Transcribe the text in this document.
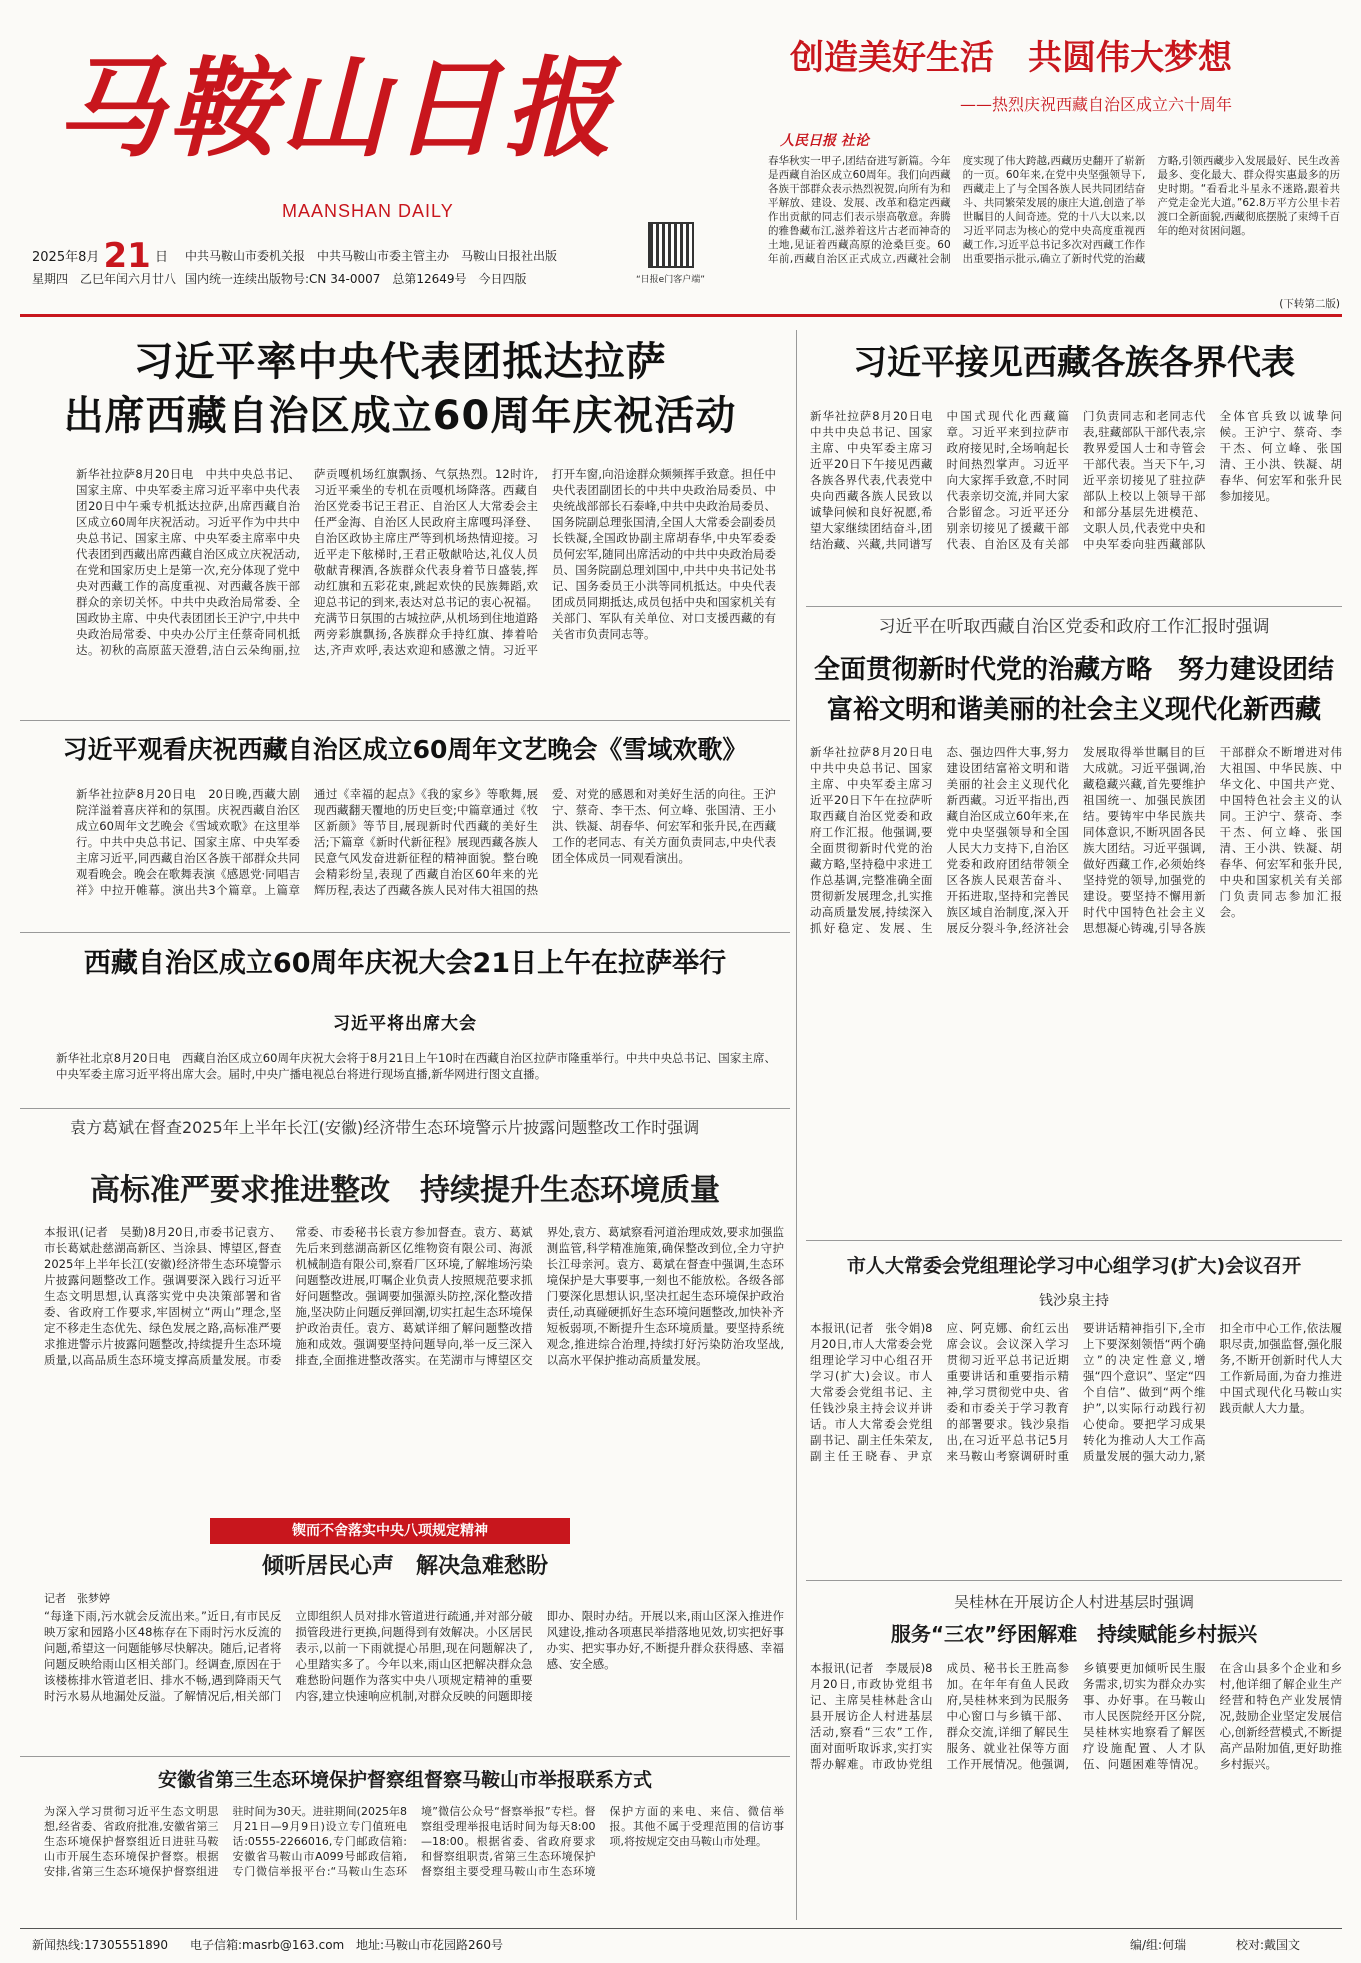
马鞍山日报
MAANSHAN DAILY
2025年8月 21 日
星期四　乙巳年闰六月廿八
中共马鞍山市委机关报　中共马鞍山市委主管主办　马鞍山日报社出版
国内统一连续出版物号:CN 34-0007　总第12649号　今日四版	“日报e门客户端”
创造美好生活　共圆伟大梦想
——热烈庆祝西藏自治区成立六十周年
人民日报 社论
春华秋实一甲子,团结奋进写新篇。今年是西藏自治区成立60周年。我们向西藏各族干部群众表示热烈祝贺,向所有为和平解放、建设、发展、改革和稳定西藏作出贡献的同志们表示崇高敬意。奔腾的雅鲁藏布江,滋养着这片古老而神奇的土地,见证着西藏高原的沧桑巨变。60年前,西藏自治区正式成立,西藏社会制度实现了伟大跨越,西藏历史翻开了崭新的一页。60年来,在党中央坚强领导下,西藏走上了与全国各族人民共同团结奋斗、共同繁荣发展的康庄大道,创造了举世瞩目的人间奇迹。党的十八大以来,以习近平同志为核心的党中央高度重视西藏工作,习近平总书记多次对西藏工作作出重要指示批示,确立了新时代党的治藏方略,引领西藏步入发展最好、民生改善最多、变化最大、群众得实惠最多的历史时期。“看看北斗星永不迷路,跟着共产党走金光大道。”62.8万平方公里卡若渡口全新面貌,西藏彻底摆脱了束缚千百年的绝对贫困问题。
(下转第二版)
习近平率中央代表团抵达拉萨
出席西藏自治区成立60周年庆祝活动
新华社拉萨8月20日电　中共中央总书记、国家主席、中央军委主席习近平率中央代表团20日中午乘专机抵达拉萨,出席西藏自治区成立60周年庆祝活动。习近平作为中共中央总书记、国家主席、中央军委主席率中央代表团到西藏出席西藏自治区成立庆祝活动,在党和国家历史上是第一次,充分体现了党中央对西藏工作的高度重视、对西藏各族干部群众的亲切关怀。中共中央政治局常委、全国政协主席、中央代表团团长王沪宁,中共中央政治局常委、中央办公厅主任蔡奇同机抵达。初秋的高原蓝天澄碧,洁白云朵绚丽,拉萨贡嘎机场红旗飘扬、气氛热烈。12时许,习近平乘坐的专机在贡嘎机场降落。西藏自治区党委书记王君正、自治区人大常委会主任严金海、自治区人民政府主席嘎玛泽登、自治区政协主席庄严等到机场热情迎接。习近平走下舷梯时,王君正敬献哈达,礼仪人员敬献青稞酒,各族群众代表身着节日盛装,挥动红旗和五彩花束,跳起欢快的民族舞蹈,欢迎总书记的到来,表达对总书记的衷心祝福。充满节日氛围的古城拉萨,从机场到住地道路两旁彩旗飘扬,各族群众手持红旗、捧着哈达,齐声欢呼,表达欢迎和感激之情。习近平打开车窗,向沿途群众频频挥手致意。担任中央代表团副团长的中共中央政治局委员、中央统战部部长石泰峰,中共中央政治局委员、国务院副总理张国清,全国人大常委会副委员长铁凝,全国政协副主席胡春华,中央军委委员何宏军,随同出席活动的中共中央政治局委员、国务院副总理刘国中,中共中央书记处书记、国务委员王小洪等同机抵达。中央代表团成员同期抵达,成员包括中央和国家机关有关部门、军队有关单位、对口支援西藏的有关省市负责同志等。
习近平观看庆祝西藏自治区成立60周年文艺晚会《雪域欢歌》
新华社拉萨8月20日电　20日晚,西藏大剧院洋溢着喜庆祥和的氛围。庆祝西藏自治区成立60周年文艺晚会《雪域欢歌》在这里举行。中共中央总书记、国家主席、中央军委主席习近平,同西藏自治区各族干部群众共同观看晚会。晚会在歌舞表演《感恩党·同唱吉祥》中拉开帷幕。演出共3个篇章。上篇章通过《幸福的起点》《我的家乡》等歌舞,展现西藏翻天覆地的历史巨变;中篇章通过《牧区新颜》等节目,展现新时代西藏的美好生活;下篇章《新时代新征程》展现西藏各族人民意气风发奋进新征程的精神面貌。整台晚会精彩纷呈,表现了西藏自治区60年来的光辉历程,表达了西藏各族人民对伟大祖国的热爱、对党的感恩和对美好生活的向往。王沪宁、蔡奇、李干杰、何立峰、张国清、王小洪、铁凝、胡春华、何宏军和张升民,在西藏工作的老同志、有关方面负责同志,中央代表团全体成员一同观看演出。
西藏自治区成立60周年庆祝大会21日上午在拉萨举行
习近平将出席大会
新华社北京8月20日电　西藏自治区成立60周年庆祝大会将于8月21日上午10时在西藏自治区拉萨市隆重举行。中共中央总书记、国家主席、中央军委主席习近平将出席大会。届时,中央广播电视总台将进行现场直播,新华网进行图文直播。
袁方葛斌在督查2025年上半年长江(安徽)经济带生态环境警示片披露问题整改工作时强调
高标准严要求推进整改　持续提升生态环境质量
本报讯(记者　吴勤)8月20日,市委书记袁方、市长葛斌赴慈湖高新区、当涂县、博望区,督查2025年上半年长江(安徽)经济带生态环境警示片披露问题整改工作。强调要深入践行习近平生态文明思想,认真落实党中央决策部署和省委、省政府工作要求,牢固树立“两山”理念,坚定不移走生态优先、绿色发展之路,高标准严要求推进警示片披露问题整改,持续提升生态环境质量,以高品质生态环境支撑高质量发展。市委常委、市委秘书长袁方参加督查。袁方、葛斌先后来到慈湖高新区亿维物资有限公司、海派机械制造有限公司,察看厂区环境,了解堆场污染问题整改进展,叮嘱企业负责人按照规范要求抓好问题整改。强调要加强源头防控,深化整改措施,坚决防止问题反弹回潮,切实扛起生态环境保护政治责任。袁方、葛斌详细了解问题整改措施和成效。强调要坚持问题导向,举一反三深入排查,全面推进整改落实。在芜湖市与博望区交界处,袁方、葛斌察看河道治理成效,要求加强监测监管,科学精准施策,确保整改到位,全力守护长江母亲河。袁方、葛斌在督查中强调,生态环境保护是大事要事,一刻也不能放松。各级各部门要深化思想认识,坚决扛起生态环境保护政治责任,动真碰硬抓好生态环境问题整改,加快补齐短板弱项,不断提升生态环境质量。要坚持系统观念,推进综合治理,持续打好污染防治攻坚战,以高水平保护推动高质量发展。
锲而不舍落实中央八项规定精神
倾听居民心声　解决急难愁盼
记者　张梦婷
“每逢下雨,污水就会反流出来。”近日,有市民反映万家和园路小区48栋存在下雨时污水反流的问题,希望这一问题能够尽快解决。随后,记者将问题反映给雨山区相关部门。经调查,原因在于该楼栋排水管道老旧、排水不畅,遇到降雨天气时污水易从地漏处反溢。了解情况后,相关部门立即组织人员对排水管道进行疏通,并对部分破损管段进行更换,问题得到有效解决。小区居民表示,以前一下雨就提心吊胆,现在问题解决了,心里踏实多了。今年以来,雨山区把解决群众急难愁盼问题作为落实中央八项规定精神的重要内容,建立快速响应机制,对群众反映的问题即接即办、限时办结。开展以来,雨山区深入推进作风建设,推动各项惠民举措落地见效,切实把好事办实、把实事办好,不断提升群众获得感、幸福感、安全感。
安徽省第三生态环境保护督察组督察马鞍山市举报联系方式
为深入学习贯彻习近平生态文明思想,经省委、省政府批准,安徽省第三生态环境保护督察组近日进驻马鞍山市开展生态环境保护督察。根据安排,省第三生态环境保护督察组进驻时间为30天。进驻期间(2025年8月21日—9月9日)设立专门值班电话:0555-2266016,专门邮政信箱:安徽省马鞍山市A099号邮政信箱,专门微信举报平台:“马鞍山生态环境”微信公众号“督察举报”专栏。督察组受理举报电话时间为每天8:00—18:00。根据省委、省政府要求和督察组职责,省第三生态环境保护督察组主要受理马鞍山市生态环境保护方面的来电、来信、微信举报。其他不属于受理范围的信访事项,将按规定交由马鞍山市处理。
习近平接见西藏各族各界代表
新华社拉萨8月20日电　中共中央总书记、国家主席、中央军委主席习近平20日下午接见西藏各族各界代表,代表党中央向西藏各族人民致以诚挚问候和良好祝愿,希望大家继续团结奋斗,团结治藏、兴藏,共同谱写中国式现代化西藏篇章。习近平来到拉萨市政府接见时,全场响起长时间热烈掌声。习近平向大家挥手致意,不时同代表亲切交流,并同大家合影留念。习近平还分别亲切接见了援藏干部代表、自治区及有关部门负责同志和老同志代表,驻藏部队干部代表,宗教界爱国人士和寺管会干部代表。当天下午,习近平亲切接见了驻拉萨部队上校以上领导干部和部分基层先进模范、文职人员,代表党中央和中央军委向驻西藏部队全体官兵致以诚挚问候。王沪宁、蔡奇、李干杰、何立峰、张国清、王小洪、铁凝、胡春华、何宏军和张升民参加接见。
习近平在听取西藏自治区党委和政府工作汇报时强调
全面贯彻新时代党的治藏方略　努力建设团结
富裕文明和谐美丽的社会主义现代化新西藏
新华社拉萨8月20日电　中共中央总书记、国家主席、中央军委主席习近平20日下午在拉萨听取西藏自治区党委和政府工作汇报。他强调,要全面贯彻新时代党的治藏方略,坚持稳中求进工作总基调,完整准确全面贯彻新发展理念,扎实推动高质量发展,持续深入抓好稳定、发展、生态、强边四件大事,努力建设团结富裕文明和谐美丽的社会主义现代化新西藏。习近平指出,西藏自治区成立60年来,在党中央坚强领导和全国人民大力支持下,自治区党委和政府团结带领全区各族人民艰苦奋斗、开拓进取,坚持和完善民族区域自治制度,深入开展反分裂斗争,经济社会发展取得举世瞩目的巨大成就。习近平强调,治藏稳藏兴藏,首先要维护祖国统一、加强民族团结。要铸牢中华民族共同体意识,不断巩固各民族大团结。习近平强调,做好西藏工作,必须始终坚持党的领导,加强党的建设。要坚持不懈用新时代中国特色社会主义思想凝心铸魂,引导各族干部群众不断增进对伟大祖国、中华民族、中华文化、中国共产党、中国特色社会主义的认同。王沪宁、蔡奇、李干杰、何立峰、张国清、王小洪、铁凝、胡春华、何宏军和张升民,中央和国家机关有关部门负责同志参加汇报会。
市人大常委会党组理论学习中心组学习(扩大)会议召开
钱沙泉主持
本报讯(记者　张令娟)8月20日,市人大常委会党组理论学习中心组召开学习(扩大)会议。市人大常委会党组书记、主任钱沙泉主持会议并讲话。市人大常委会党组副书记、副主任朱荣友,副主任王晓春、尹京应、阿克娜、俞红云出席会议。会议深入学习贯彻习近平总书记近期重要讲话和重要指示精神,学习贯彻党中央、省委和市委关于学习教育的部署要求。钱沙泉指出,在习近平总书记5月来马鞍山考察调研时重要讲话精神指引下,全市上下要深刻领悟“两个确立”的决定性意义,增强“四个意识”、坚定“四个自信”、做到“两个维护”,以实际行动践行初心使命。要把学习成果转化为推动人大工作高质量发展的强大动力,紧扣全市中心工作,依法履职尽责,加强监督,强化服务,不断开创新时代人大工作新局面,为奋力推进中国式现代化马鞍山实践贡献人大力量。
吴桂林在开展访企人村进基层时强调
服务“三农”纾困解难　持续赋能乡村振兴
本报讯(记者　李晟辰)8月20日,市政协党组书记、主席吴桂林赴含山县开展访企人村进基层活动,察看“三农”工作,面对面听取诉求,实打实帮办解难。市政协党组成员、秘书长王胜高参加。在年年有鱼人民政府,吴桂林来到为民服务中心窗口与乡镇干部、群众交流,详细了解民生服务、就业社保等方面工作开展情况。他强调,乡镇要更加倾听民生服务需求,切实为群众办实事、办好事。在马鞍山市人民医院经开区分院,吴桂林实地察看了解医疗设施配置、人才队伍、问题困难等情况。在含山县多个企业和乡村,他详细了解企业生产经营和特色产业发展情况,鼓励企业坚定发展信心,创新经营模式,不断提高产品附加值,更好助推乡村振兴。
新闻热线:17305551890 电子信箱:masrb@163.com 地址:马鞍山市花园路260号	编/组:何瑞	校对:戴国文
